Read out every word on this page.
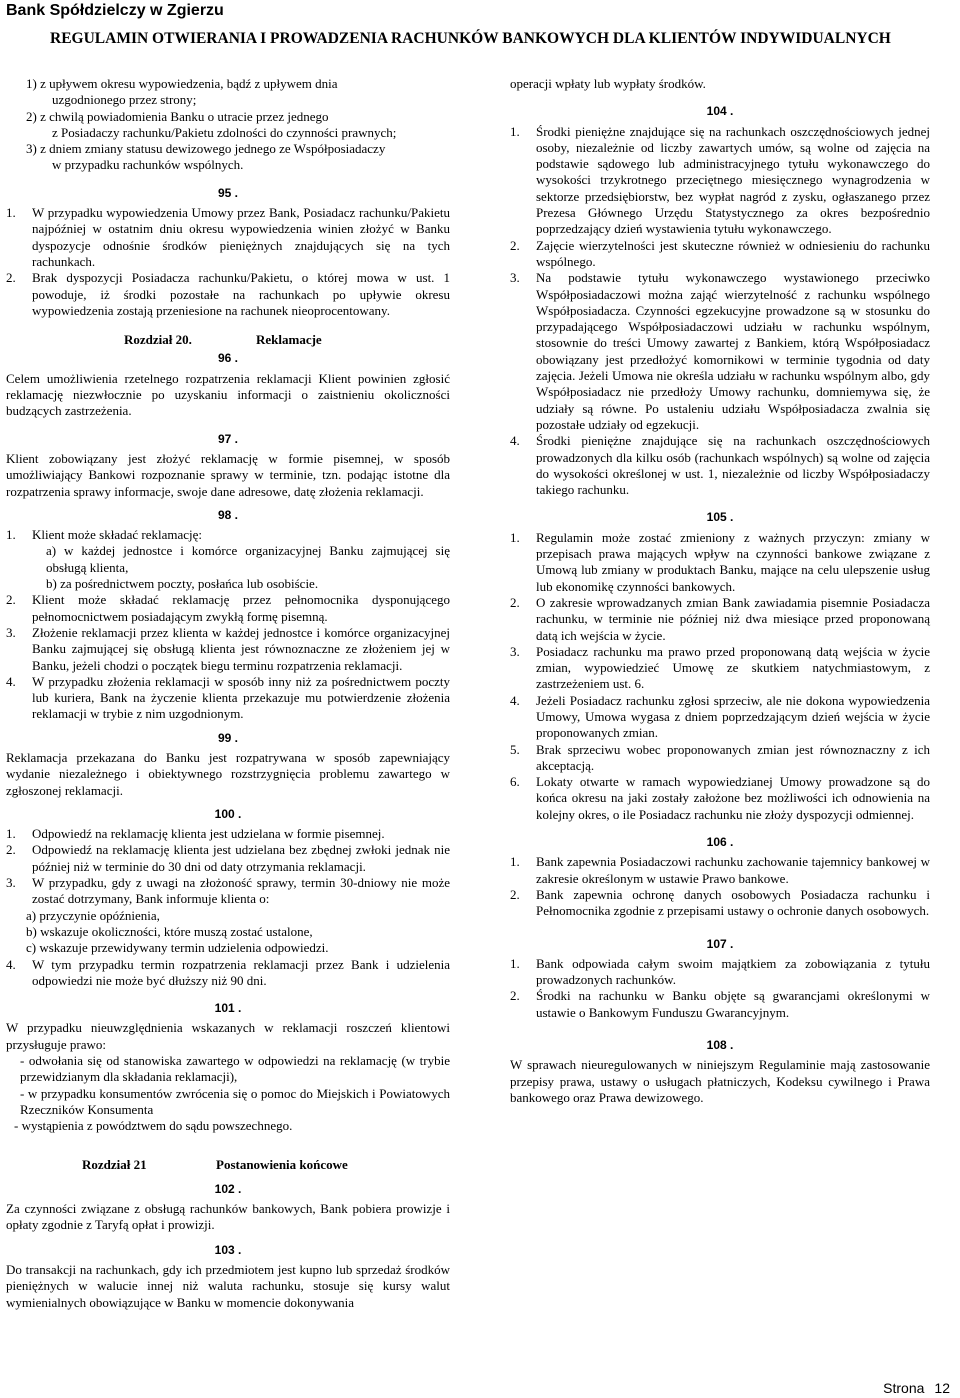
Bank Spółdzielczy w Zgierzu
REGULAMIN OTWIERANIA I PROWADZENIA RACHUNKÓW BANKOWYCH DLA KLIENTÓW INDYWIDUALNYCH

1) z upływem okresu wypowiedzenia, bądź z upływem dnia

uzgodnionego przez strony;

2) z chwilą powiadomienia Banku o utracie przez jednego

z Posiadaczy rachunku/Pakietu zdolności do czynności prawnych;

3) z dniem zmiany statusu dewizowego jednego ze Współposiadaczy

w przypadku rachunków wspólnych.

95 .
1.	W przypadku wypowiedzenia Umowy przez Bank, Posiadacz rachunku/Pakietu najpóźniej w ostatnim dniu okresu wypowiedzenia winien złożyć w Banku dyspozycje odnośnie środków pieniężnych znajdujących się na tych rachunkach.
2.	Brak dyspozycji Posiadacza rachunku/Pakietu, o której mowa w ust. 1 powoduje, iż środki pozostałe na rachunkach po upływie okresu wypowiedzenia zostają przeniesione na rachunek nieoprocentowany.
Rozdział 20.	Reklamacje
96 .

Celem umożliwienia rzetelnego rozpatrzenia reklamacji Klient powinien zgłosić reklamację niezwłocznie po uzyskaniu informacji o zaistnieniu okoliczności budzących zastrzeżenia.

97 .

Klient zobowiązany jest złożyć reklamację w formie pisemnej, w sposób umożliwiający Bankowi rozpoznanie sprawy w terminie, tzn. podając istotne dla rozpatrzenia sprawy informacje, swoje dane adresowe, datę złożenia reklamacji.

98 .
1.	Klient może składać reklamację:

a) w każdej jednostce i komórce organizacyjnej Banku zajmującej się obsługą klienta,

b) za pośrednictwem poczty, posłańca lub osobiście.

2.	Klient może składać reklamację przez pełnomocnika dysponującego pełnomocnictwem posiadającym zwykłą formę pisemną.
3.	Złożenie reklamacji przez klienta w każdej jednostce i komórce organizacyjnej Banku zajmującej się obsługą klienta jest równoznaczne ze złożeniem jej w Banku, jeżeli chodzi o początek biegu terminu rozpatrzenia reklamacji.
4.	W przypadku złożenia reklamacji w sposób inny niż za pośrednictwem poczty lub kuriera, Bank na życzenie klienta przekazuje mu potwierdzenie złożenia reklamacji w trybie z nim uzgodnionym.
99 .

Reklamacja przekazana do Banku jest rozpatrywana w sposób zapewniający wydanie niezależnego i obiektywnego rozstrzygnięcia problemu zawartego w zgłoszonej reklamacji.

100 .
1.	Odpowiedź na reklamację klienta jest udzielana w formie pisemnej.
2.	Odpowiedź na reklamację klienta jest udzielana bez zbędnej zwłoki jednak nie później niż w terminie do 30 dni od daty otrzymania reklamacji.
3.	W przypadku, gdy z uwagi na złożoność sprawy, termin 30-dniowy nie może zostać dotrzymany, Bank informuje klienta o:

a) przyczynie opóźnienia,

b) wskazuje okoliczności, które muszą zostać ustalone,

c) wskazuje przewidywany termin udzielenia odpowiedzi.

4.	W tym przypadku termin rozpatrzenia reklamacji przez Bank i udzielenia odpowiedzi nie może być dłuższy niż 90 dni.
101 .

W przypadku nieuwzględnienia wskazanych w reklamacji roszczeń klientowi przysługuje prawo:

- odwołania się od stanowiska zawartego w odpowiedzi na reklamację (w trybie przewidzianym dla składania reklamacji),

- w przypadku konsumentów zwrócenia się o pomoc do Miejskich i Powiatowych Rzeczników Konsumenta

- wystąpienia z powództwem do sądu powszechnego.

Rozdział 21	Postanowienia końcowe
102 .

Za czynności związane z obsługą rachunków bankowych, Bank pobiera prowizje i opłaty zgodnie z Taryfą opłat i prowizji.

103 .

Do transakcji na rachunkach, gdy ich przedmiotem jest kupno lub sprzedaż środków pieniężnych w walucie innej niż waluta rachunku, stosuje się kursy walut wymienialnych obowiązujące w Banku w momencie dokonywania

operacji wpłaty lub wypłaty środków.

104 .
1.	Środki pieniężne znajdujące się na rachunkach oszczędnościowych jednej osoby, niezależnie od liczby zawartych umów, są wolne od zajęcia na podstawie sądowego lub administracyjnego tytułu wykonawczego do wysokości trzykrotnego przeciętnego miesięcznego wynagrodzenia w sektorze przedsiębiorstw, bez wypłat nagród z zysku, ogłaszanego przez Prezesa Głównego Urzędu Statystycznego za okres bezpośrednio poprzedzający dzień wystawienia tytułu wykonawczego.
2.	Zajęcie wierzytelności jest skuteczne również w odniesieniu do rachunku wspólnego.
3.	Na podstawie tytułu wykonawczego wystawionego przeciwko Współposiadaczowi można zająć wierzytelność z rachunku wspólnego Współposiadacza. Czynności egzekucyjne prowadzone są w stosunku do przypadającego Współposiadaczowi udziału w rachunku wspólnym, stosownie do treści Umowy zawartej z Bankiem, którą Współposiadacz obowiązany jest przedłożyć komornikowi w terminie tygodnia od daty zajęcia. Jeżeli Umowa nie określa udziału w rachunku wspólnym albo, gdy Współposiadacz nie przedłoży Umowy rachunku, domniemywa się, że udziały są równe. Po ustaleniu udziału Współposiadacza zwalnia się pozostałe udziały od egzekucji.
4.	Środki pieniężne znajdujące się na rachunkach oszczędnościowych prowadzonych dla kilku osób (rachunkach wspólnych) są wolne od zajęcia do wysokości określonej w ust. 1, niezależnie od liczby Współposiadaczy takiego rachunku.
105 .
1.	Regulamin może zostać zmieniony z ważnych przyczyn: zmiany w przepisach prawa mających wpływ na czynności bankowe związane z Umową lub zmiany w produktach Banku, mające na celu ulepszenie usług lub ekonomikę czynności bankowych.
2.	O zakresie wprowadzanych zmian Bank zawiadamia pisemnie Posiadacza rachunku, w terminie nie później niż dwa miesiące przed proponowaną datą ich wejścia w życie.
3.	Posiadacz rachunku ma prawo przed proponowaną datą wejścia w życie zmian, wypowiedzieć Umowę ze skutkiem natychmiastowym, z zastrzeżeniem ust. 6.
4.	Jeżeli Posiadacz rachunku zgłosi sprzeciw, ale nie dokona wypowiedzenia Umowy, Umowa wygasa z dniem poprzedzającym dzień wejścia w życie proponowanych zmian.
5.	Brak sprzeciwu wobec proponowanych zmian jest równoznaczny z ich akceptacją.
6.	Lokaty otwarte w ramach wypowiedzianej Umowy prowadzone są do końca okresu na jaki zostały założone bez możliwości ich odnowienia na kolejny okres, o ile Posiadacz rachunku nie złoży dyspozycji odmiennej.
106 .
1.	Bank zapewnia Posiadaczowi rachunku zachowanie tajemnicy bankowej w zakresie określonym w ustawie Prawo bankowe.
2.	Bank zapewnia ochronę danych osobowych Posiadacza rachunku i Pełnomocnika zgodnie z przepisami ustawy o ochronie danych osobowych.
107 .
1.	Bank odpowiada całym swoim majątkiem za zobowiązania z tytułu prowadzonych rachunków.
2.	Środki na rachunku w Banku objęte są gwarancjami określonymi w ustawie o Bankowym Funduszu Gwarancyjnym.
108 .

W sprawach nieuregulowanych w niniejszym Regulaminie mają zastosowanie przepisy prawa, ustawy o usługach płatniczych, Kodeksu cywilnego i Prawa bankowego oraz Prawa dewizowego.

Strona 12
